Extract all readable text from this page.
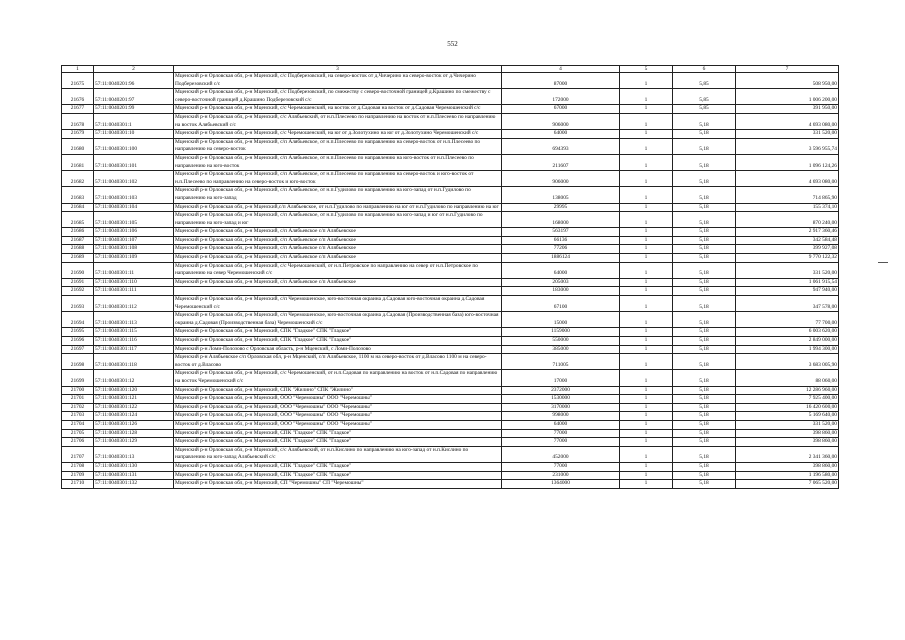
552
1	2	3	4	5	6	7
21675	57:11:0040201:96	Мценский р-н Орловская обл, р-н Мценский, с/с Подберезовский, на северо-восток от д.Чичерино на северо-восток от д.Чичерино Подберезовский с/с	87000	1	5,85	508 950,00
21676	57:11:0040201:97	Мценский р-н Орловская обл, р-н Мценский, с/с Подберезовский, по смежеству с северо-восточной границей д.Крашино по смежеству с северо-восточной границей д.Крашино Подберезовский с/с	172000	1	5,85	1 006 200,00
21677	57:11:0040201:99	Мценский р-н Орловская обл, р-н Мценский, с/с Черемошенский, на восток от д.Садовая на восток от д.Садовая Черемошенский с/с	67000	1	5,85	391 950,00
21678	57:11:0040301:1	Мценский р-н Орловская обл, р-н Мценский, с/с Алябьевский, от н.п.Плесеево по направлению на восток от н.п.Плесеево по направлению на восток Алябьевский с/с	906000	1	5,18	4 693 080,00
21679	57:11:0040301:10	Мценский р-н Орловская обл, р-н Мценский, с/с Черемошенский, на юг от д.Золотухино на юг от д.Золотухино Черемошенский с/с	64000	1	5,18	331 520,00
21680	57:11:0040301:100	Мценский р-н Орловская обл, р-н Мценский, с/п Алябьевское, от н.п.Плесеево по направлению на северо-восток от н.п.Плесеево по направлению на северо-восток	694393	1	5,18	3 596 955,74
21681	57:11:0040301:101	Мценский р-н Орловская обл, р-н Мценский, с/п Алябьевское, от н.п.Плесеево по направлению на юго-восток от н.п.Плесеево по направлению на юго-восток	211607	1	5,18	1 096 124,26
21682	57:11:0040301:102	Мценский р-н Орловская обл, р-н Мценский, с/п Алябьевское, от н.п.Плесеево по направлению на северо-восток и юго-восток от н.п.Плесеево по направлению на северо-восток и юго-восток	906000	1	5,18	4 693 080,00
21683	57:11:0040301:103	Мценский р-н Орловская обл, р-н Мценский, с/п Алябьевское, от н.п.Гудилово по направлению на юго-запад от н.п.Гудилово по направлению на юго-запад	138005	1	5,18	714 865,90
21684	57:11:0040301:104	Мценский р-н Орловская обл, р-н Мценский,с/п Алябьевское, от н.п.Гудилово по направлению на юг от н.п.Гудилово по направлению на юг	29995	1	5,18	155 374,10
21685	57:11:0040301:105	Мценский р-н Орловская обл, р-н Мценский, с/п Алябьевское, от н.п.Гудилово по направлению на юго-запад и юг от н.п.Гудилово по направлению на юго-запад и юг	168000	1	5,18	870 240,00
21686	57:11:0040301:106	Мценский р-н Орловская обл, р-н Мценский, с/п Алябьевское с/п Алябьевское	563197	1	5,18	2 917 360,46
21687	57:11:0040301:107	Мценский р-н Орловская обл, р-н Мценский, с/п Алябьевское с/п Алябьевское	66136	1	5,18	342 584,48
21688	57:11:0040301:108	Мценский р-н Орловская обл, р-н Мценский, с/п Алябьевское с/п Алябьевское	77206	1	5,18	399 927,08
21689	57:11:0040301:109	Мценский р-н Орловская обл, р-н Мценский, с/п Алябьевское с/п Алябьевское	1886124	1	5,18	9 770 122,32
21690	57:11:0040301:11	Мценский р-н Орловская обл, р-н Мценский, с/с Черемошенский, от н.п.Петровское по направлению на север от н.п.Петровское по направлению на север Черемошенский с/с	64000	1	5,18	331 520,00
21691	57:11:0040301:110	Мценский р-н Орловская обл, р-н Мценский, с/п Алябьевское с/п Алябьевское	205003	1	5,18	1 061 915,54
21692	57:11:0040301:111		183000	1	5,18	947 940,00
21693	57:11:0040301:112	Мценский р-н Орловская обл, р-н Мценский, с/п Черемошенское, юго-восточная окраина д.Садовая юго-восточная окраина д.Садовая Черемошенский с/с	67100	1	5,18	347 578,00
21694	57:11:0040301:113	Мценский р-н Орловская обл, р-н Мценский, с/п Черемошенское, юго-восточная окраина д.Садовая (Производственная база) юго-восточная окраина д.Садовая (Производственная база) Черемошенский с/с	15000	1	5,18	77 700,00
21695	57:11:0040301:115	Мценский р-н Орловская обл, р-н Мценский, СПК "Гладкое" СПК "Гладкое"	1159000	1	5,18	6 003 620,00
21696	57:11:0040301:116	Мценский р-н Орловская обл, р-н Мценский, СПК "Гладкое" СПК "Гладкое"	550000	1	5,18	2 849 000,00
21697	57:11:0040301:117	Мценский р-н Ломи-Полозово с Орловская область, р-н Мценский, с Ломи-Полозово	385000	1	5,18	1 994 300,00
21698	57:11:0040301:118	Мценский р-н Алябьевское с/п Орловская обл, р-н Мценский, с/п Алябьевское, 1100 м на северо-восток от д.Власово 1100 м на северо-восток от д.Власово	711005	1	5,18	3 683 005,90
21699	57:11:0040301:12	Мценский р-н Орловская обл, р-н Мценский, с/с Черемошенский, от н.п.Садовая по направлению на восток от н.п.Садовая по направлению на восток Черемошенский с/с	17000	1	5,18	88 060,00
21700	57:11:0040301:120	Мценский р-н Орловская обл, р-н Мценский, СПК "Жилино" СПК "Жилино"	2372000	1	5,18	12 286 960,00
21701	57:11:0040301:121	Мценский р-н Орловская обл, р-н Мценский, ООО "Черемошны" ООО "Черемошны"	1530000	1	5,18	7 925 400,00
21702	57:11:0040301:122	Мценский р-н Орловская обл, р-н Мценский, ООО "Черемошны" ООО "Черемошны"	3170000	1	5,18	16 420 600,00
21703	57:11:0040301:124	Мценский р-н Орловская обл, р-н Мценский, ООО "Черемошны" ООО "Черемошны"	998000	1	5,18	5 169 640,00
21704	57:11:0040301:126	Мценский р-н Орловская обл, р-н Мценский, ООО "Черемошны" ООО "Черемошны"	64000	1	5,18	331 520,00
21705	57:11:0040301:128	Мценский р-н Орловская обл, р-н Мценский, СПК "Гладкое" СПК "Гладкое"	77000	1	5,18	398 860,00
21706	57:11:0040301:129	Мценский р-н Орловская обл, р-н Мценский, СПК "Гладкое" СПК "Гладкое"	77000	1	5,18	398 860,00
21707	57:11:0040301:13	Мценский р-н Орловская обл, р-н Мценский, с/с Алябьевский, от н.п.Кислино по направлению на юго-запад от н.п.Кислино по направлению на юго-запад Алябьевский с/с	452000	1	5,18	2 341 360,00
21708	57:11:0040301:130	Мценский р-н Орловская обл, р-н Мценский, СПК "Гладкое" СПК "Гладкое"	77000	1	5,18	398 860,00
21709	57:11:0040301:131	Мценский р-н Орловская обл, р-н Мценский, СПК "Гладкое" СПК "Гладкое"	231000	1	5,18	1 196 580,00
21710	57:11:0040301:132	Мценский р-н Орловская обл, р-н Мценский, СП "Черемошны" СП "Черемошны"	1364000	1	5,18	7 065 520,00
